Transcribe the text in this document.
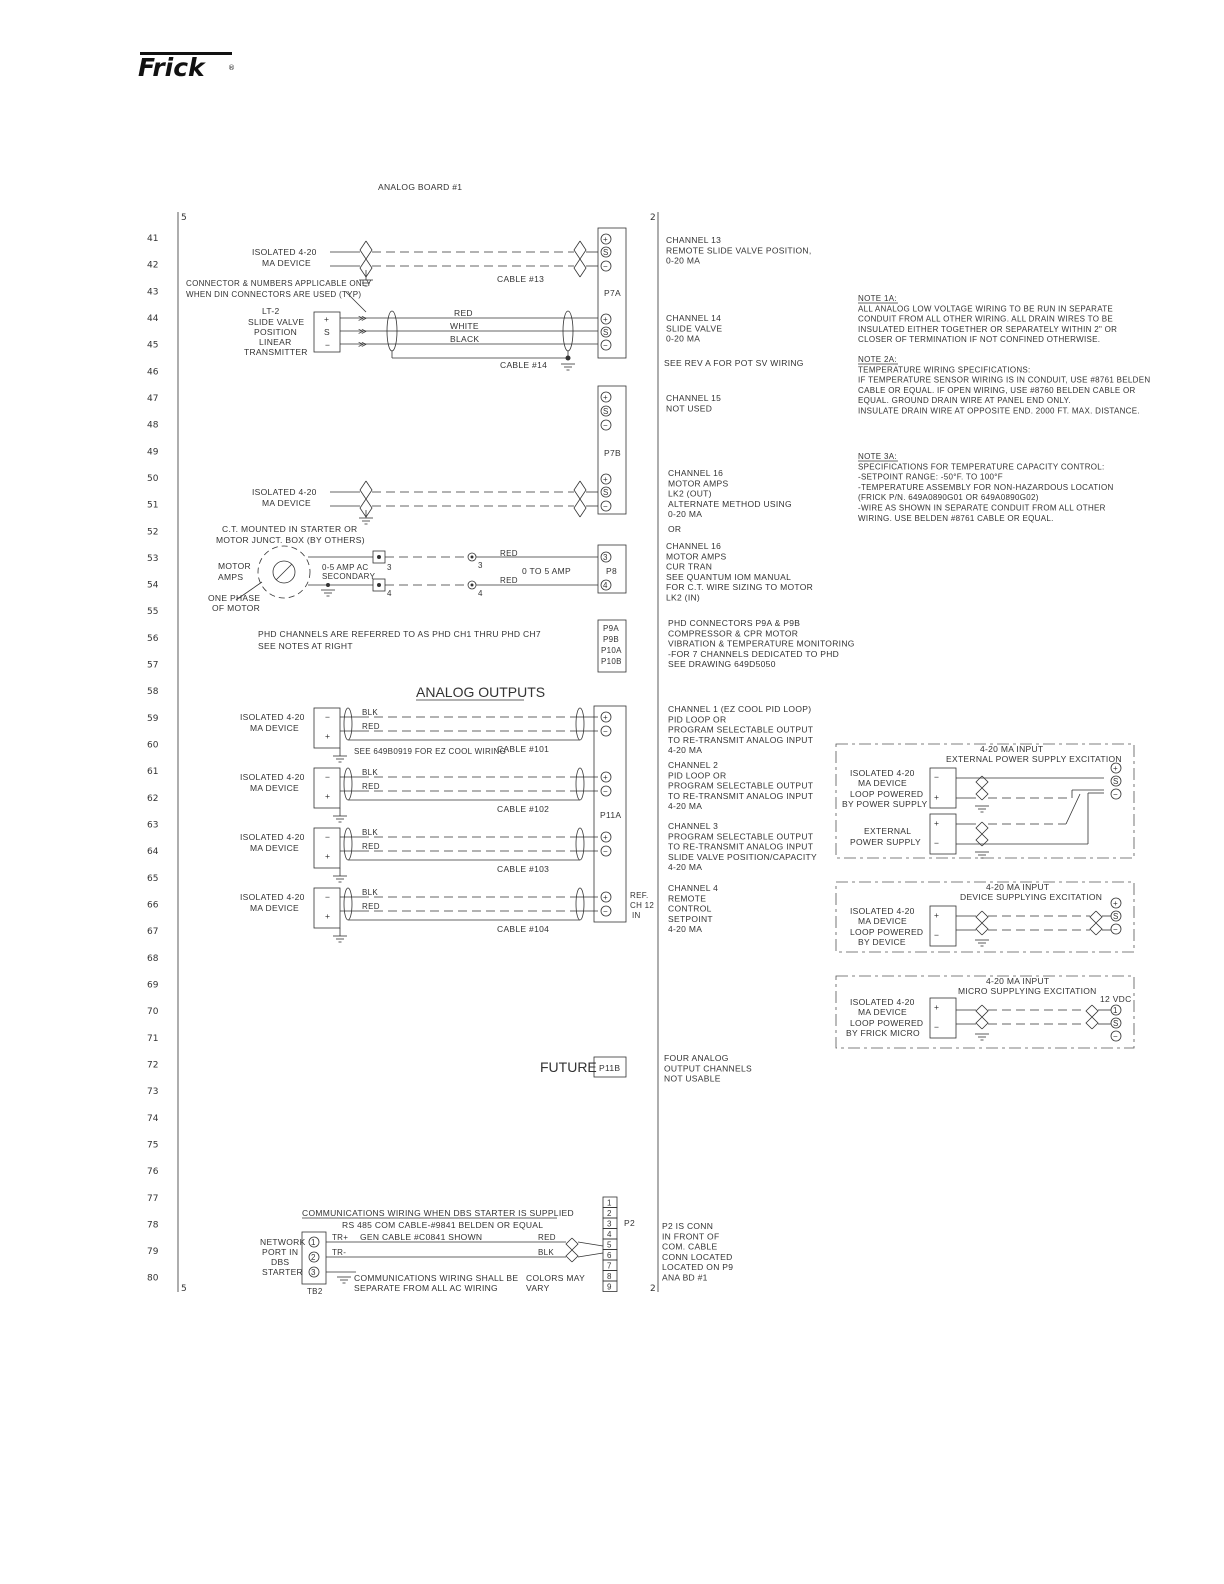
Frick	®
ANALOG BOARD #1
5	2
5	2
41
42
43
44
45
46
47
48
49
50
51
52
53
54
55
56
57
58
59
60
61
62
63
64
65
66
67
68
69
70
71
72
73
74
75
76
77
78
79
80
ISOLATED 4-20
MA DEVICE
CABLE #13
P7A
CONNECTOR & NUMBERS APPLICABLE ONLY
WHEN DIN CONNECTORS ARE USED (TYP)
LT-2
SLIDE VALVE
POSITION
LINEAR
TRANSMITTER
+
S
−
≫
≫
≫
RED
WHITE
BLACK
CABLE #14
P7B
ISOLATED 4-20
MA DEVICE
C.T. MOUNTED IN STARTER OR
MOTOR JUNCT. BOX (BY OTHERS)
MOTOR
AMPS
ONE PHASE
OF MOTOR
0-5 AMP AC
SECONDARY
3
4
3
4
RED
RED
0 TO 5 AMP	P8
PHD CHANNELS ARE REFERRED TO AS PHD CH1 THRU PHD CH7
SEE NOTES AT RIGHT
P9A
P9B
P10A
P10B
ANALOG OUTPUTS
P11A
REF.
CH 12
IN
ISOLATED 4-20
MA DEVICE
−
+
BLK
RED
CABLE #101
+
−
ISOLATED 4-20
MA DEVICE
−
+
BLK
RED
CABLE #102
+
−
ISOLATED 4-20
MA DEVICE
−
+
BLK
RED
CABLE #103
+
−
ISOLATED 4-20
MA DEVICE
−
+
BLK
RED
CABLE #104
+
−
SEE 649B0919 FOR EZ COOL WIRING
FUTURE P11B
COMMUNICATIONS WIRING WHEN DBS STARTER IS SUPPLIED
RS 485 COM CABLE-#9841 BELDEN OR EQUAL
GEN CABLE #C0841 SHOWN
NETWORK
PORT IN
DBS
STARTER
1
2
3
TB2
TR+
TR-
RED
BLK
COMMUNICATIONS WIRING SHALL BE
SEPARATE FROM ALL AC WIRING
COLORS MAY
VARY
1
2
3
4
5
6
7
8
9
P2
CHANNEL 13
REMOTE SLIDE VALVE POSITION,
0-20 MA
CHANNEL 14
SLIDE VALVE
0-20 MA
SEE REV A FOR POT SV WIRING
CHANNEL 15
NOT USED
CHANNEL 16
MOTOR AMPS
LK2 (OUT)
ALTERNATE METHOD USING
0-20 MA
OR
CHANNEL 16
MOTOR AMPS
CUR TRAN
SEE QUANTUM IOM MANUAL
FOR C.T. WIRE SIZING TO MOTOR
LK2 (IN)
PHD CONNECTORS P9A & P9B
COMPRESSOR & CPR MOTOR
VIBRATION & TEMPERATURE MONITORING
-FOR 7 CHANNELS DEDICATED TO PHD
SEE DRAWING 649D5050
CHANNEL 1 (EZ COOL PID LOOP)
PID LOOP OR
PROGRAM SELECTABLE OUTPUT
TO RE-TRANSMIT ANALOG INPUT
4-20 MA
CHANNEL 2
PID LOOP OR
PROGRAM SELECTABLE OUTPUT
TO RE-TRANSMIT ANALOG INPUT
4-20 MA
CHANNEL 3
PROGRAM SELECTABLE OUTPUT
TO RE-TRANSMIT ANALOG INPUT
SLIDE VALVE POSITION/CAPACITY
4-20 MA
CHANNEL 4
REMOTE
CONTROL
SETPOINT
4-20 MA
FOUR ANALOG
OUTPUT CHANNELS
NOT USABLE
P2 IS CONN
IN FRONT OF
COM. CABLE
CONN LOCATED
LOCATED ON P9
ANA BD #1
NOTE 1A:
ALL ANALOG LOW VOLTAGE WIRING TO BE RUN IN SEPARATE
CONDUIT FROM ALL OTHER WIRING. ALL DRAIN WIRES TO BE
INSULATED EITHER TOGETHER OR SEPARATELY WITHIN 2" OR
CLOSER OF TERMINATION IF NOT CONFINED OTHERWISE.
NOTE 2A:
TEMPERATURE WIRING SPECIFICATIONS:
IF TEMPERATURE SENSOR WIRING IS IN CONDUIT, USE #8761 BELDEN
CABLE OR EQUAL. IF OPEN WIRING, USE #8760 BELDEN CABLE OR
EQUAL. GROUND DRAIN WIRE AT PANEL END ONLY.
INSULATE DRAIN WIRE AT OPPOSITE END. 2000 FT. MAX. DISTANCE.
NOTE 3A:
SPECIFICATIONS FOR TEMPERATURE CAPACITY CONTROL:
-SETPOINT RANGE: -50°F. TO 100°F
-TEMPERATURE ASSEMBLY FOR NON-HAZARDOUS LOCATION
(FRICK P/N. 649A0890G01 OR 649A0890G02)
-WIRE AS SHOWN IN SEPARATE CONDUIT FROM ALL OTHER
WIRING. USE BELDEN #8761 CABLE OR EQUAL.
4-20 MA INPUT
EXTERNAL POWER SUPPLY EXCITATION
ISOLATED 4-20
MA DEVICE
LOOP POWERED
BY POWER SUPPLY
−
+
EXTERNAL
POWER SUPPLY
+
−
+
S
−
4-20 MA INPUT
DEVICE SUPPLYING EXCITATION
ISOLATED 4-20
MA DEVICE
LOOP POWERED
BY DEVICE
+
−
+
S
−
4-20 MA INPUT
MICRO SUPPLYING EXCITATION
12 VDC
ISOLATED 4-20
MA DEVICE
LOOP POWERED
BY FRICK MICRO
+
−
1
S
−
+
S
−
+
S
−
+
S
−
+
S
−
3
4
